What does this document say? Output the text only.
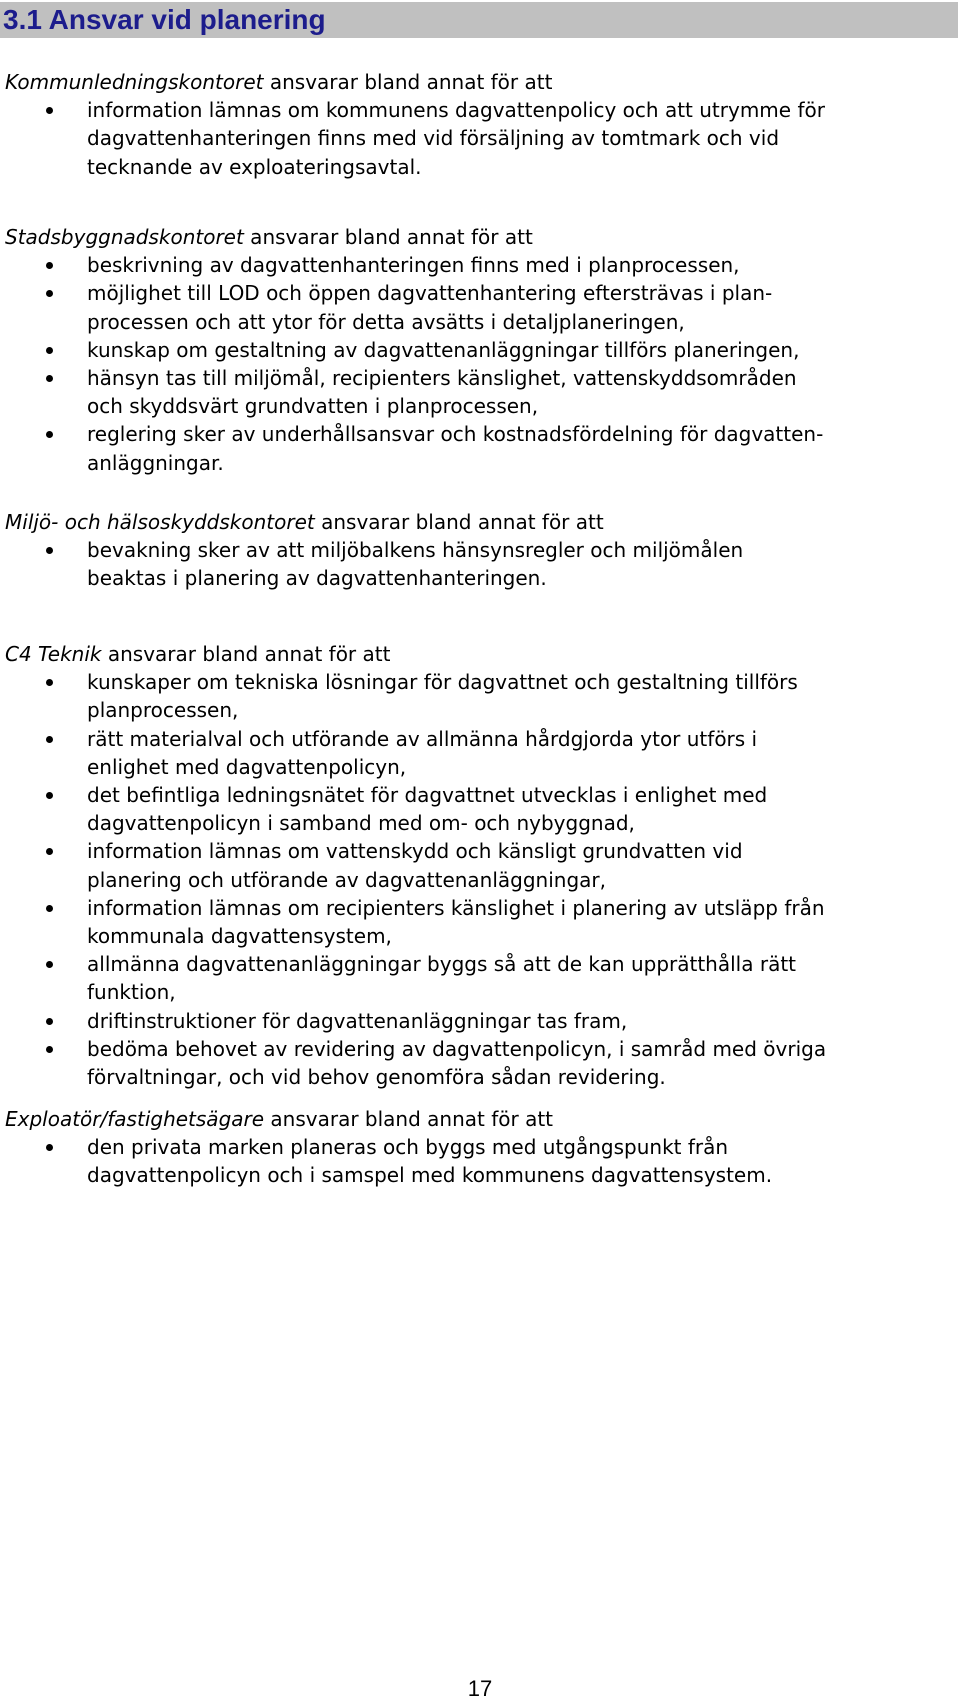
3.1 Ansvar vid planering

Kommunledningskontoret ansvarar bland annat för att

information lämnas om kommunens dagvattenpolicy och att utrymme för
dagvattenhanteringen finns med vid försäljning av tomtmark och vid
tecknande av exploateringsavtal.

Stadsbyggnadskontoret ansvarar bland annat för att

beskrivning av dagvattenhanteringen finns med i planprocessen,
möjlighet till LOD och öppen dagvattenhantering eftersträvas i plan-
processen och att ytor för detta avsätts i detaljplaneringen,
kunskap om gestaltning av dagvattenanläggningar tillförs planeringen,
hänsyn tas till miljömål, recipienters känslighet, vattenskyddsområden
och skyddsvärt grundvatten i planprocessen,
reglering sker av underhållsansvar och kostnadsfördelning för dagvatten-
anläggningar.

Miljö- och hälsoskyddskontoret ansvarar bland annat för att

bevakning sker av att miljöbalkens hänsynsregler och miljömålen
beaktas i planering av dagvattenhanteringen.

C4 Teknik ansvarar bland annat för att

kunskaper om tekniska lösningar för dagvattnet och gestaltning tillförs
planprocessen,
rätt materialval och utförande av allmänna hårdgjorda ytor utförs i
enlighet med dagvattenpolicyn,
det befintliga ledningsnätet för dagvattnet utvecklas i enlighet med
dagvattenpolicyn i samband med om- och nybyggnad,
information lämnas om vattenskydd och känsligt grundvatten vid
planering och utförande av dagvattenanläggningar,
information lämnas om recipienters känslighet i planering av utsläpp från
kommunala dagvattensystem,
allmänna dagvattenanläggningar byggs så att de kan upprätthålla rätt
funktion,
driftinstruktioner för dagvattenanläggningar tas fram,
bedöma behovet av revidering av dagvattenpolicyn, i samråd med övriga
förvaltningar, och vid behov genomföra sådan revidering.

Exploatör/fastighetsägare ansvarar bland annat för att

den privata marken planeras och byggs med utgångspunkt från
dagvattenpolicyn och i samspel med kommunens dagvattensystem.
17
